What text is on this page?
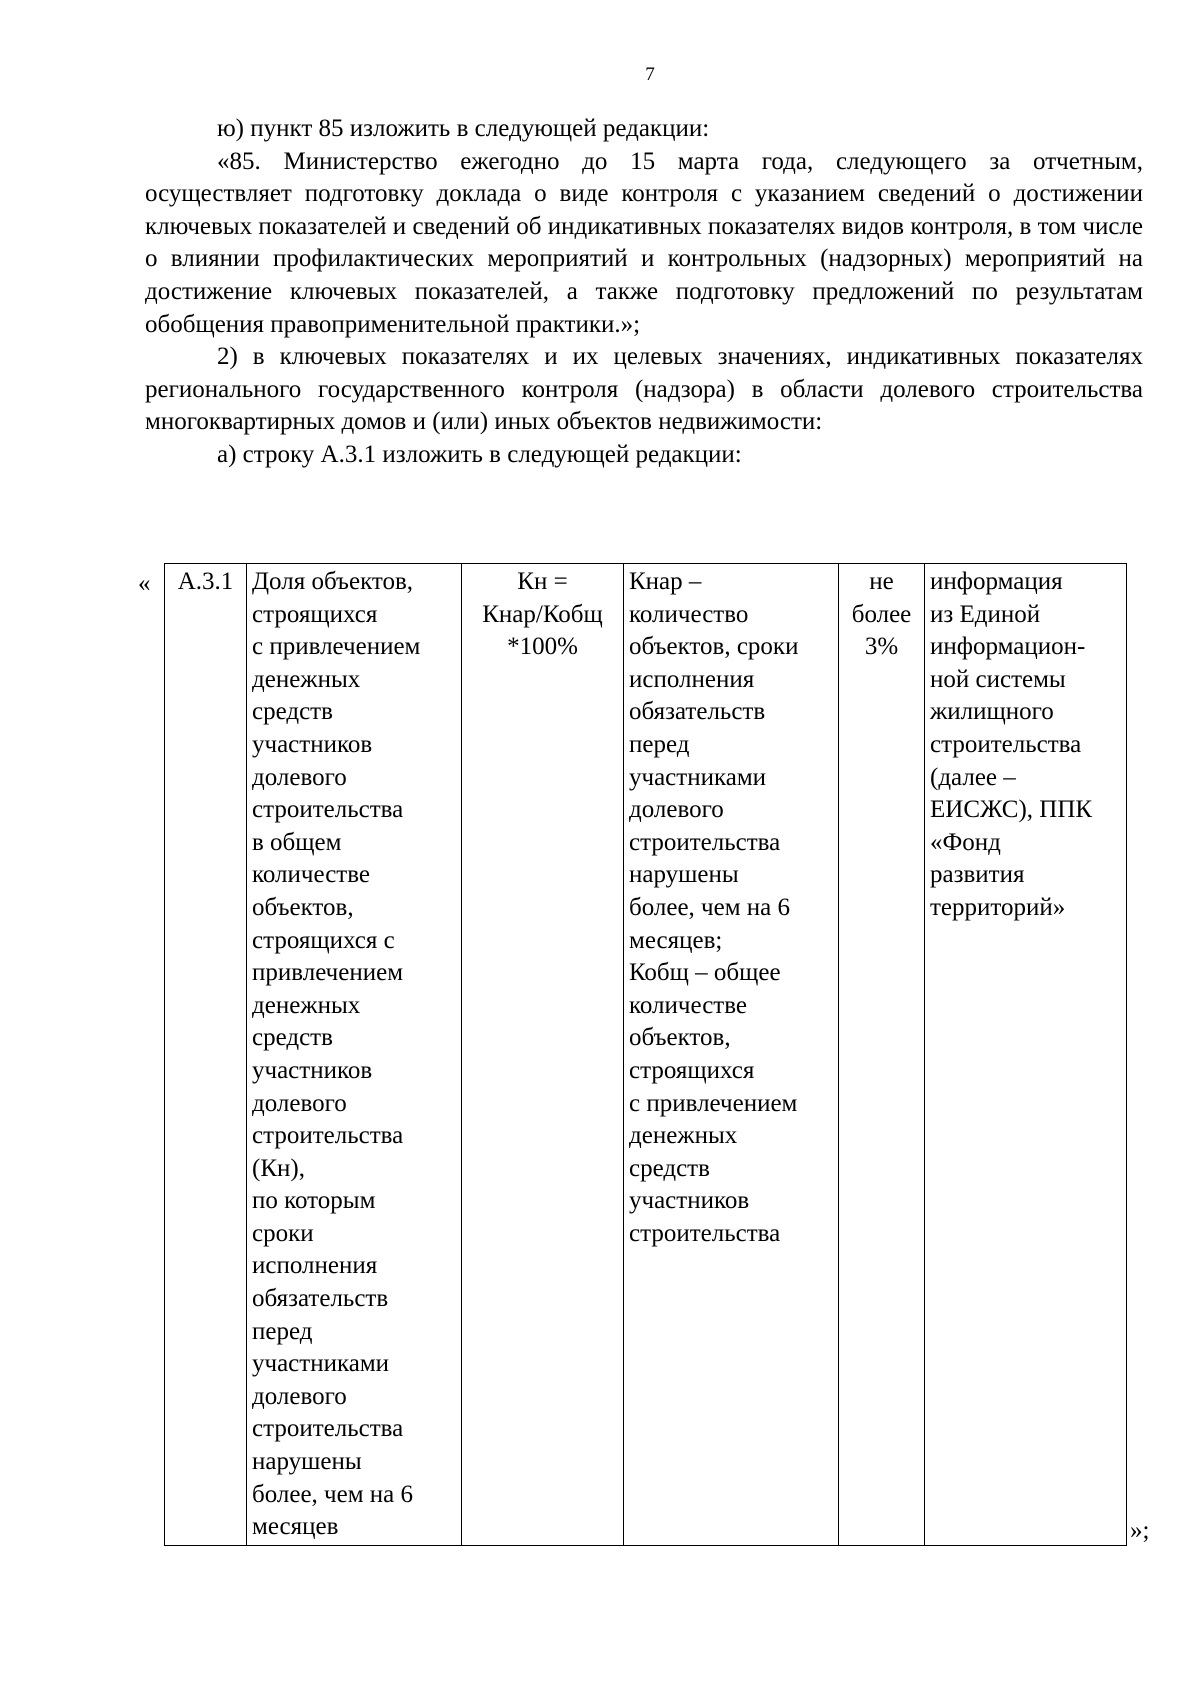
7

ю) пункт 85 изложить в следующей редакции:

«85. Министерство ежегодно до 15 марта года, следующего за отчетным, осуществляет подготовку доклада о виде контроля с указанием сведений о достижении ключевых показателей и сведений об индикативных показателях видов контроля, в том числе о влиянии профилактических мероприятий и контрольных (надзорных) мероприятий на достижение ключевых показателей, а также подготовку предложений по результатам обобщения правоприменительной практики.»;

2) в ключевых показателях и их целевых значениях, индикативных показателях регионального государственного контроля (надзора) в области долевого строительства многоквартирных домов и (или) иных объектов недвижимости:

а) строку А.3.1 изложить в следующей редакции:

« А.3.1	Доля объектов,
строящихся
с привлечением
денежных
средств
участников
долевого
строительства
в общем
количестве
объектов,
строящихся с
привлечением
денежных
средств
участников
долевого
строительства
(Кн),
по которым
сроки
исполнения
обязательств
перед
участниками
долевого
строительства
нарушены
более, чем на 6
месяцев	Кн =
Кнар/Кобщ
*100%	Кнар –
количество
объектов, сроки
исполнения
обязательств
перед
участниками
долевого
строительства
нарушены
более, чем на 6
месяцев;
Кобщ – общее
количестве
объектов,
строящихся
с привлечением
денежных
средств
участников
строительства	не
более
3%	информация
из Единой
информацион-
ной системы
жилищного
строительства
(далее –
ЕИСЖС), ППК
«Фонд
развития
территорий»
»;
